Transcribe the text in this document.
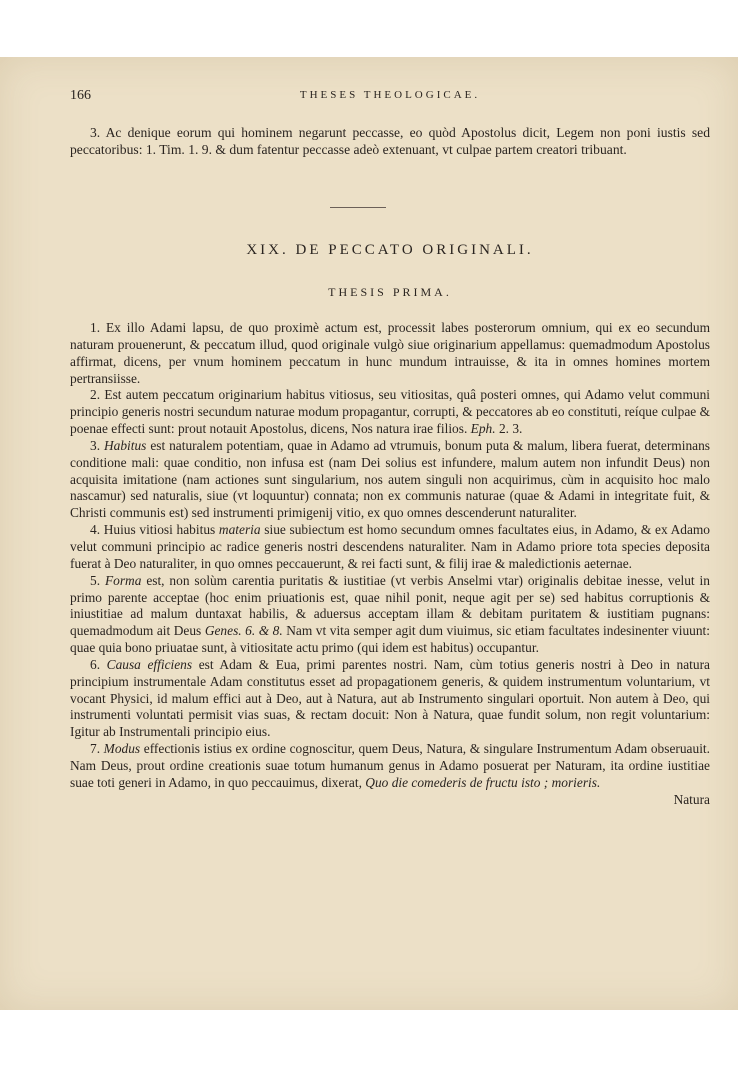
166	THESES THEOLOGICAE.

3. Ac denique eorum qui hominem negarunt peccasse, eo quòd Apostolus dicit, Legem non poni iustis sed peccatoribus: 1. Tim. 1. 9. & dum fatentur peccasse adeò extenuant, vt culpae partem creatori tribuant.

XIX. DE PECCATO ORIGINALI.
THESIS PRIMA.

1. Ex illo Adami lapsu, de quo proximè actum est, processit labes posterorum omnium, qui ex eo secundum naturam prouenerunt, & peccatum illud, quod originale vulgò siue originarium appellamus: quemadmodum Apostolus affirmat, dicens, per vnum hominem peccatum in hunc mundum intrauisse, & ita in omnes homines mortem pertransiisse.

2. Est autem peccatum originarium habitus vitiosus, seu vitiositas, quâ posteri omnes, qui Adamo velut communi principio generis nostri secundum naturae modum propagantur, corrupti, & peccatores ab eo constituti, reíque culpae & poenae effecti sunt: prout notauit Apostolus, dicens, Nos natura irae filios. Eph. 2. 3.

3. Habitus est naturalem potentiam, quae in Adamo ad vtrumuis, bonum puta & malum, libera fuerat, determinans conditione mali: quae conditio, non infusa est (nam Dei solius est infundere, malum autem non infundit Deus) non acquisita imitatione (nam actiones sunt singularium, nos autem singuli non acquirimus, cùm in acquisito hoc malo nascamur) sed naturalis, siue (vt loquuntur) connata; non ex communis naturae (quae & Adami in integritate fuit, & Christi communis est) sed instrumenti primigenij vitio, ex quo omnes descenderunt naturaliter.

4. Huius vitiosi habitus materia siue subiectum est homo secundum omnes facultates eius, in Adamo, & ex Adamo velut communi principio ac radice generis nostri descendens naturaliter. Nam in Adamo priore tota species deposita fuerat à Deo naturaliter, in quo omnes peccauerunt, & rei facti sunt, & filij irae & maledictionis aeternae.

5. Forma est, non solùm carentia puritatis & iustitiae (vt verbis Anselmi vtar) originalis debitae inesse, velut in primo parente acceptae (hoc enim priuationis est, quae nihil ponit, neque agit per se) sed habitus corruptionis & iniustitiae ad malum duntaxat habilis, & aduersus acceptam illam & debitam puritatem & iustitiam pugnans: quemadmodum ait Deus Genes. 6. & 8. Nam vt vita semper agit dum viuimus, sic etiam facultates indesinenter viuunt: quae quia bono priuatae sunt, à vitiositate actu primo (qui idem est habitus) occupantur.

6. Causa efficiens est Adam & Eua, primi parentes nostri. Nam, cùm totius generis nostri à Deo in natura principium instrumentale Adam constitutus esset ad propagationem generis, & quidem instrumentum voluntarium, vt vocant Physici, id malum effici aut à Deo, aut à Natura, aut ab Instrumento singulari oportuit. Non autem à Deo, qui instrumenti voluntati permisit vias suas, & rectam docuit: Non à Natura, quae fundit solum, non regit voluntarium: Igitur ab Instrumentali principio eius.

7. Modus effectionis istius ex ordine cognoscitur, quem Deus, Natura, & singulare Instrumentum Adam obseruauit. Nam Deus, prout ordine creationis suae totum humanum genus in Adamo posuerat per Naturam, ita ordine iustitiae suae toti generi in Adamo, in quo peccauimus, dixerat, Quo die comederis de fructu isto ; morieris.

Natura
